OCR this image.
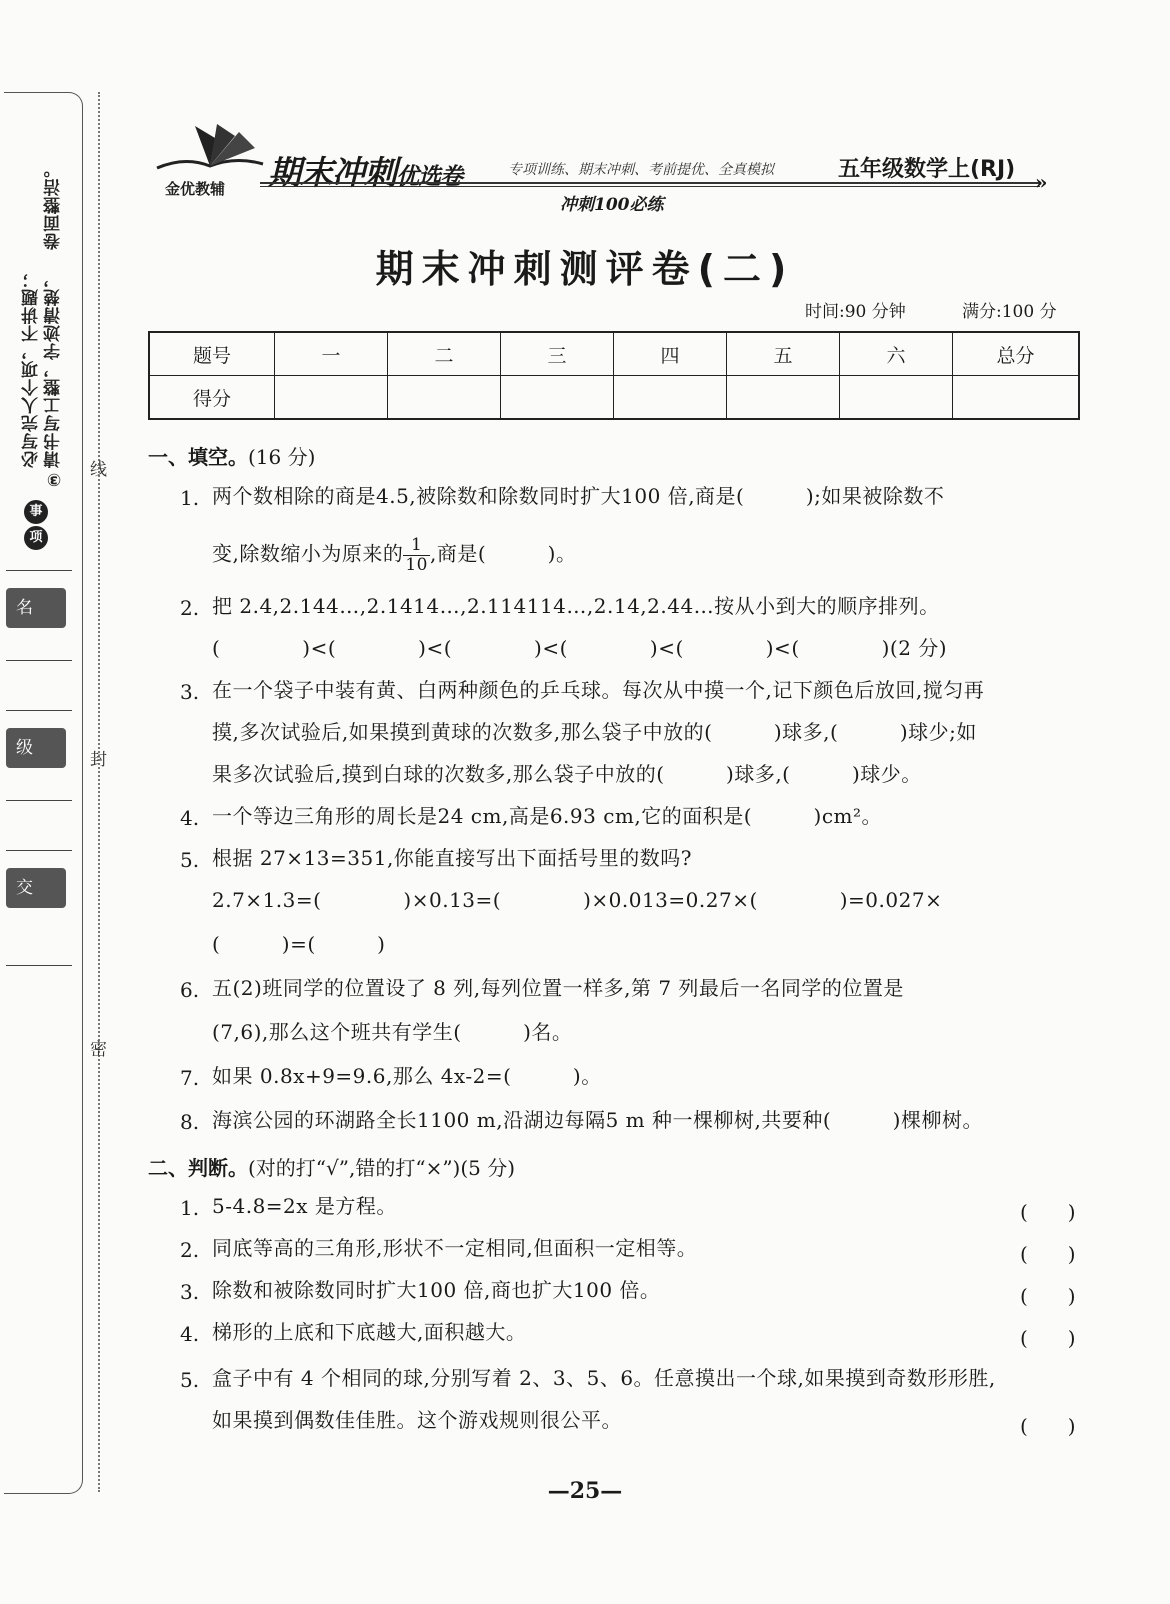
卷面整洁。
③请书写工整，字迹清楚，
必写完人个项，不讲题；
事
项
名
级
交
线
封
密
金优教辅 期末冲刺优选卷	专项训练、期末冲刺、考前提优、全真模拟	五年级数学上(RJ) »
冲刺100必练
期末冲刺测评卷(二)
时间:90 分钟	满分:100 分
题号	一	二	三	四	五	六	总分
得分							
一、填空。(16 分)
1. 两个数相除的商是4.5,被除数和除数同时扩大100 倍,商是(　　　);如果被除数不
变,除数缩小为原来的 $\frac{1}{10}$ ,商是(　　　)。
2. 把 2.4,2.144…,2.1414…,2.114114…,2.14,2.44…按从小到大的顺序排列。
(　　　　)<(　　　　)<(　　　　)<(　　　　)<(　　　　)<(　　　　)(2 分)
3. 在一个袋子中装有黄、白两种颜色的乒乓球。每次从中摸一个,记下颜色后放回,搅匀再
摸,多次试验后,如果摸到黄球的次数多,那么袋子中放的(　　　)球多,(　　　)球少;如
果多次试验后,摸到白球的次数多,那么袋子中放的(　　　)球多,(　　　)球少。
4. 一个等边三角形的周长是24 cm,高是6.93 cm,它的面积是(　　　)cm²。
5. 根据 27×13=351,你能直接写出下面括号里的数吗?
2.7×1.3=(　　　　)×0.13=(　　　　)×0.013=0.27×(　　　　)=0.027×
(　　　)=(　　　)
6. 五(2)班同学的位置设了 8 列,每列位置一样多,第 7 列最后一名同学的位置是
(7,6),那么这个班共有学生(　　　)名。
7. 如果 0.8x+9=9.6,那么 4x-2=(　　　)。
8. 海滨公园的环湖路全长1100 m,沿湖边每隔5 m 种一棵柳树,共要种(　　　)棵柳树。
二、判断。(对的打“√”,错的打“×”)(5 分)
1. 5-4.8=2x 是方程。	(　　)
2. 同底等高的三角形,形状不一定相同,但面积一定相等。	(　　)
3. 除数和被除数同时扩大100 倍,商也扩大100 倍。	(　　)
4. 梯形的上底和下底越大,面积越大。	(　　)
5. 盒子中有 4 个相同的球,分别写着 2、3、5、6。任意摸出一个球,如果摸到奇数形形胜,
如果摸到偶数佳佳胜。这个游戏规则很公平。	(　　)
—25—
